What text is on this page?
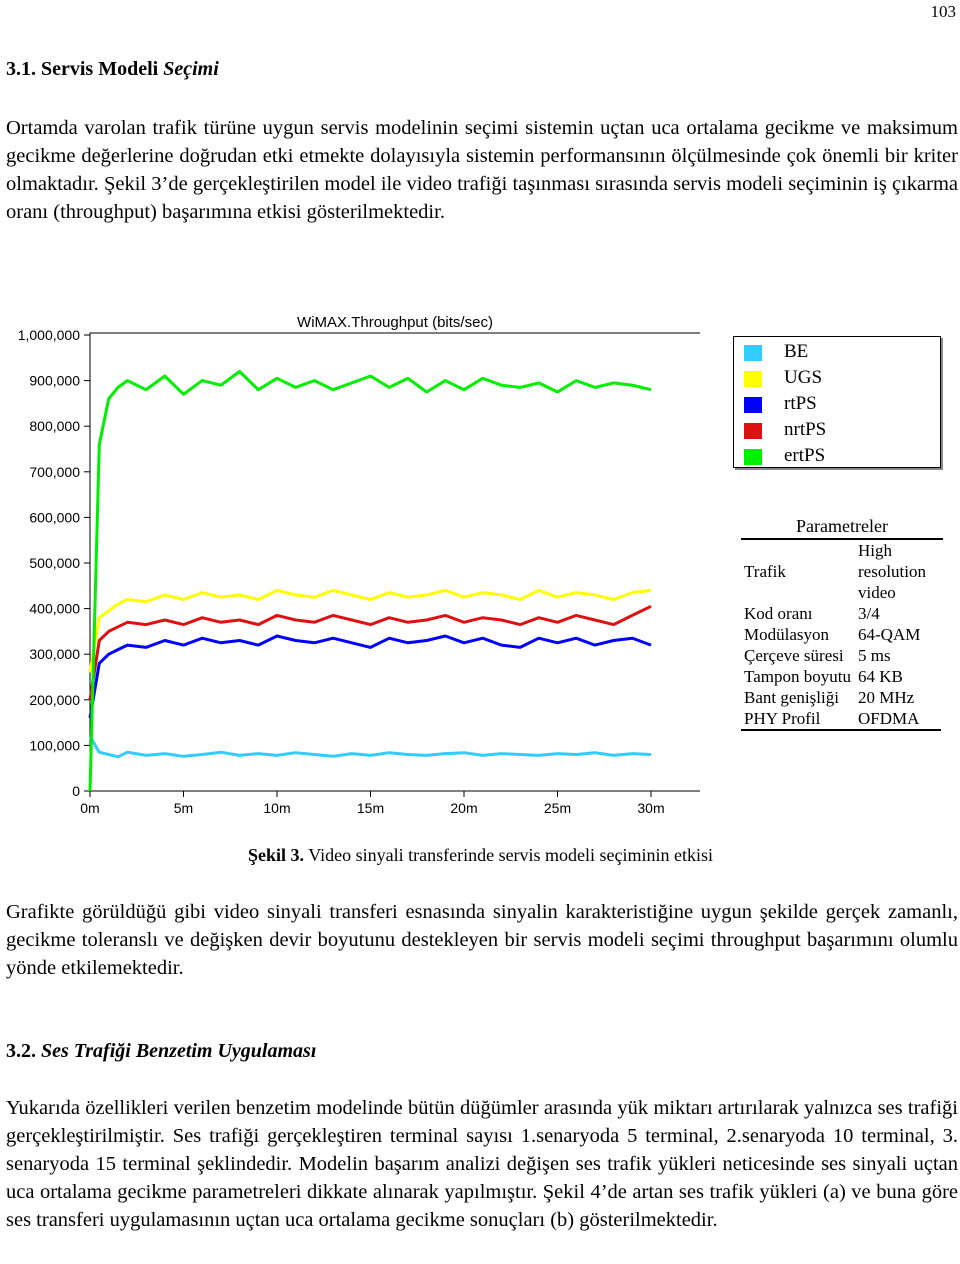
103
3.1. Servis Modeli Seçimi
Ortamda varolan trafik türüne uygun servis modelinin seçimi sistemin uçtan uca ortalama gecikme ve maksimum gecikme değerlerine doğrudan etki etmekte dolayısıyla sistemin performansının ölçülmesinde çok önemli bir kriter olmaktadır. Şekil 3’de gerçekleştirilen model ile video trafiği taşınması sırasında servis modeli seçiminin iş çıkarma oranı (throughput) başarımına etkisi gösterilmektedir.
WiMAX.Throughput (bits/sec)
0
100,000
200,000
300,000
400,000
500,000
600,000
700,000
800,000
900,000
1,000,000
0m	5m	10m	15m	20m	25m	30m
BE
UGS
rtPS
nrtPS
ertPS
Parametreler
Trafik	High resolution video
Kod oranı	3/4
Modülasyon	64-QAM
Çerçeve süresi	5 ms
Tampon boyutu	64 KB
Bant genişliği	20 MHz
PHY Profil	OFDMA
Şekil 3. Video sinyali transferinde servis modeli seçiminin etkisi
Grafikte görüldüğü gibi video sinyali transferi esnasında sinyalin karakteristiğine uygun şekilde gerçek zamanlı, gecikme toleranslı ve değişken devir boyutunu destekleyen bir servis modeli seçimi throughput başarımını olumlu yönde etkilemektedir.
3.2. Ses Trafiği Benzetim Uygulaması
Yukarıda özellikleri verilen benzetim modelinde bütün düğümler arasında yük miktarı artırılarak yalnızca ses trafiği gerçekleştirilmiştir. Ses trafiği gerçekleştiren terminal sayısı 1.senaryoda 5 terminal, 2.senaryoda 10 terminal, 3. senaryoda 15 terminal şeklindedir. Modelin başarım analizi değişen ses trafik yükleri neticesinde ses sinyali uçtan uca ortalama gecikme parametreleri dikkate alınarak yapılmıştır. Şekil 4’de artan ses trafik yükleri (a) ve buna göre ses transferi uygulamasının uçtan uca ortalama gecikme sonuçları (b) gösterilmektedir.
